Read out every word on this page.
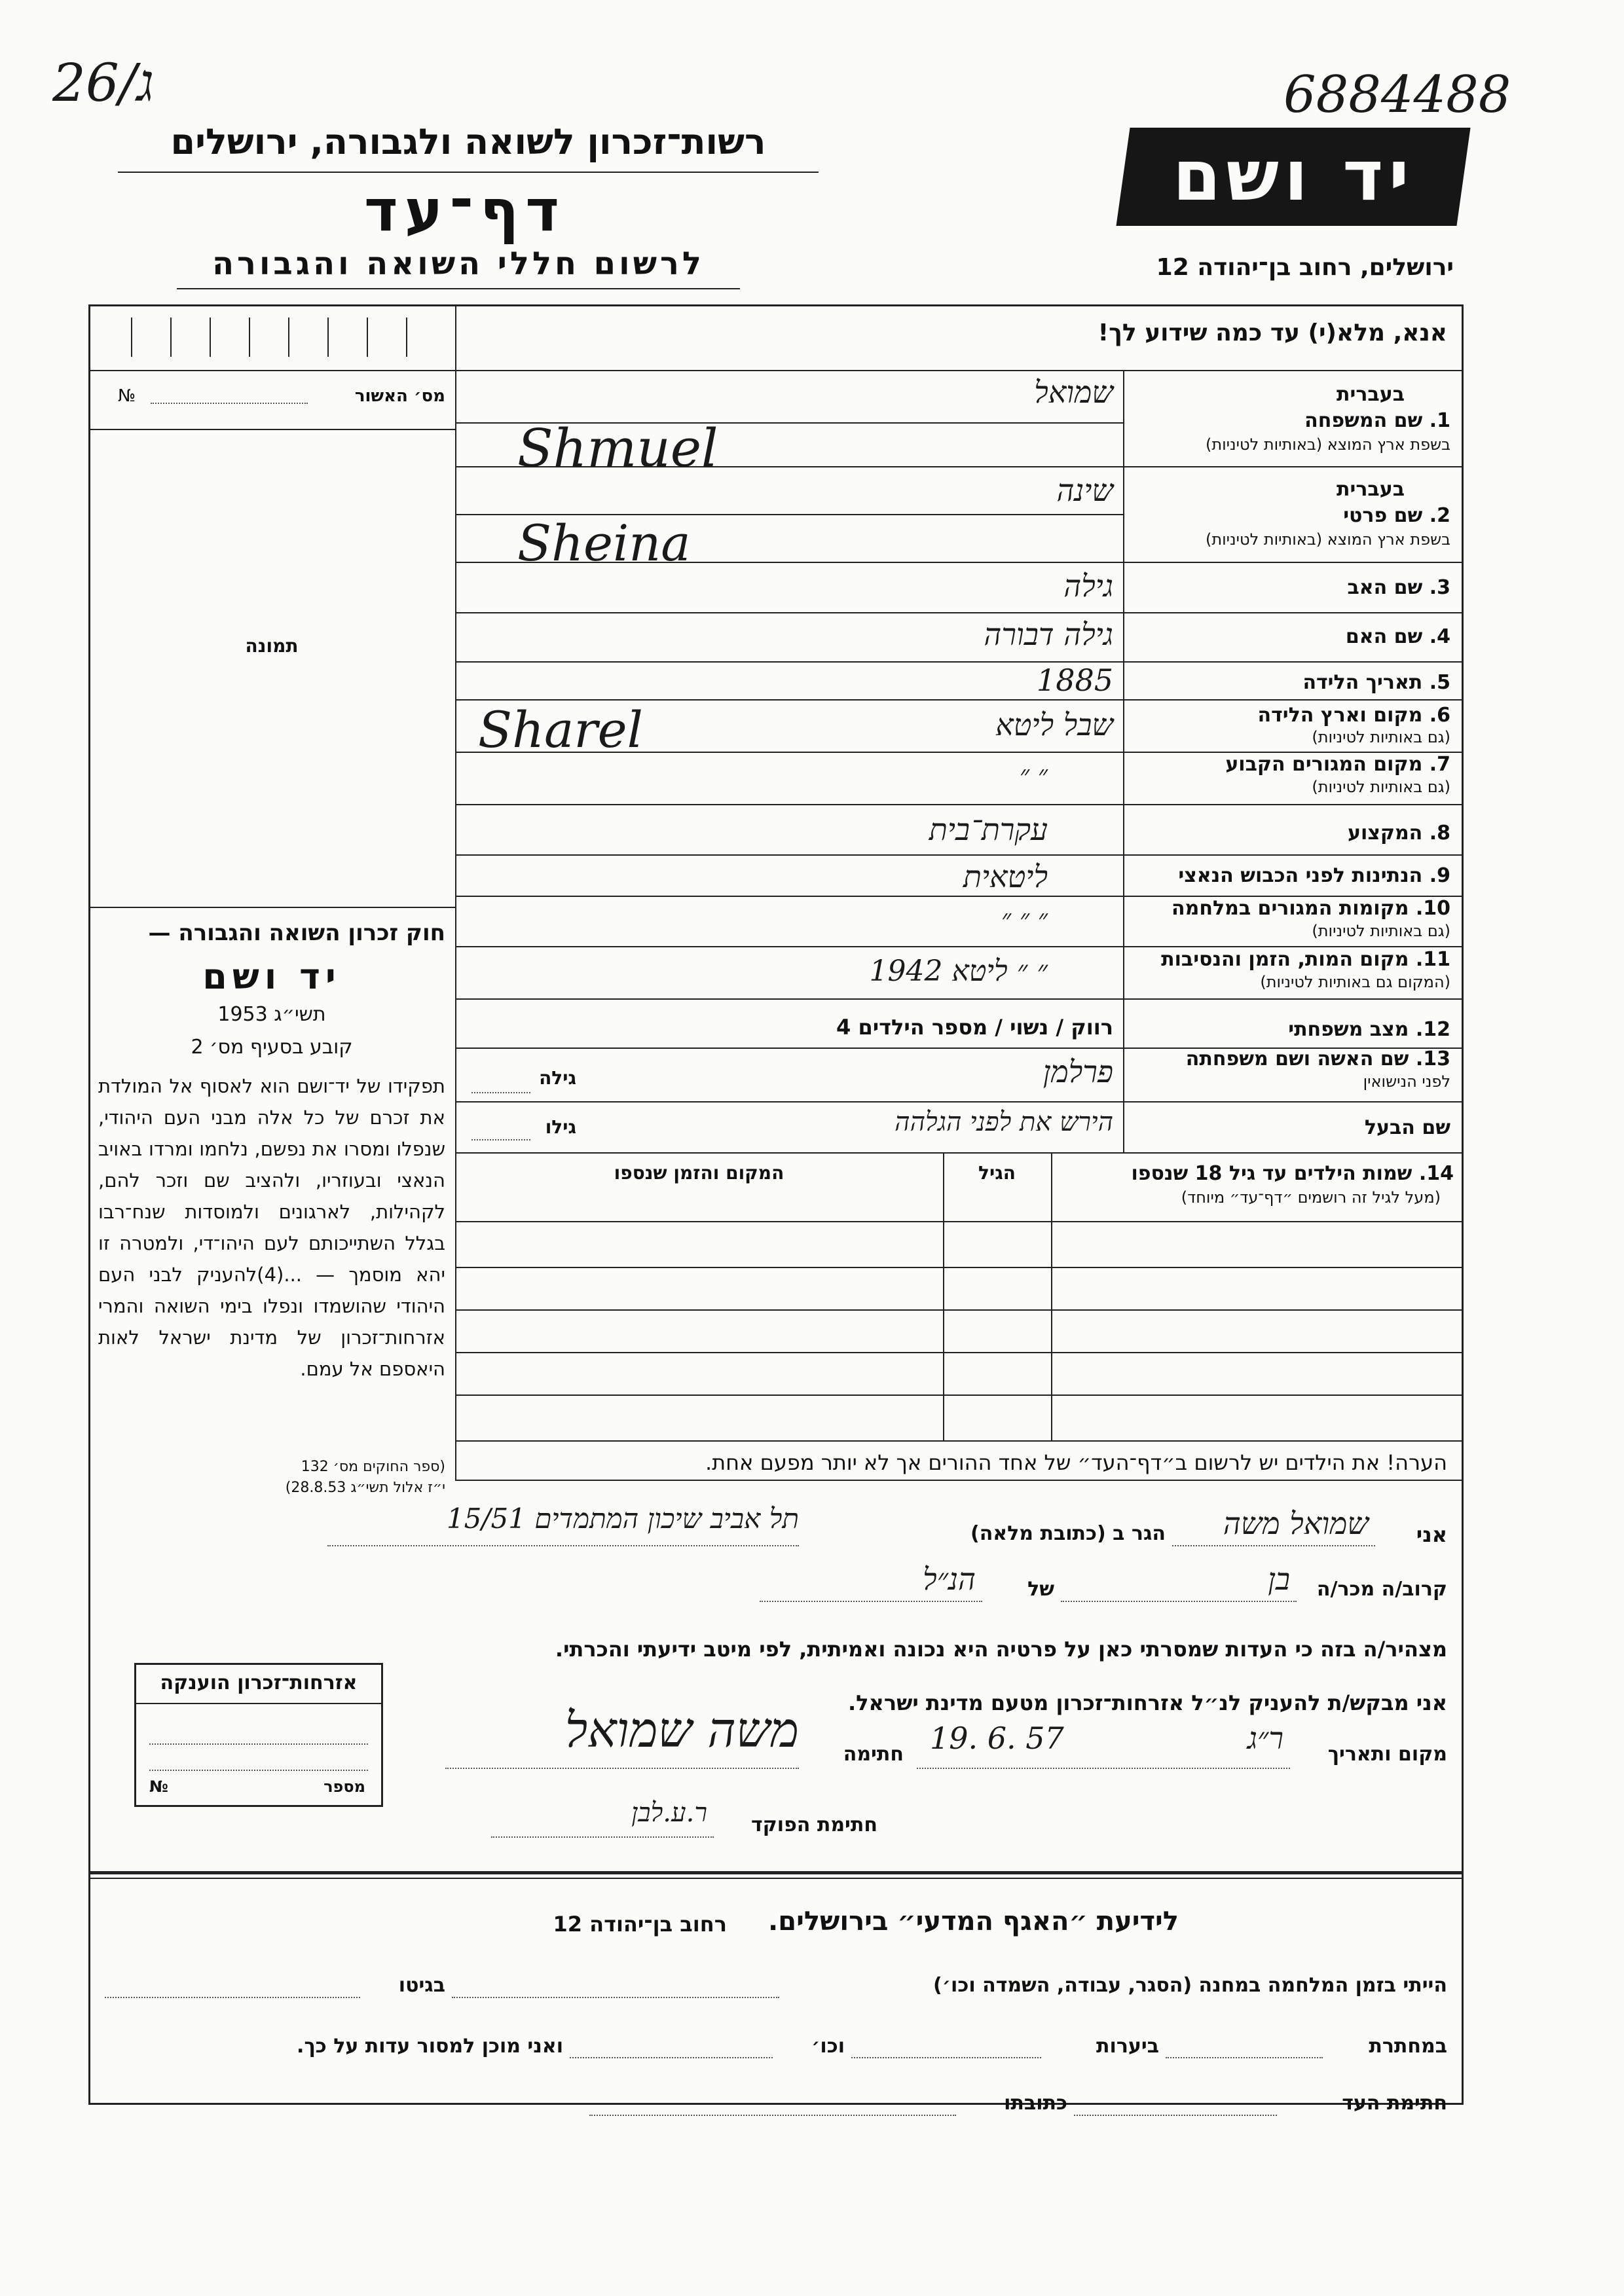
26/ג	6884488
יד ושם
רשות־זכרון לשואה ולגבורה, ירושלים
דף־עד
לרשום חללי השואה והגבורה	ירושלים, רחוב בן־יהודה 12
אנא, מלא(י) עד כמה שידוע לך!
מס׳ האשור
№
תמונה
חוק זכרון השואה והגבורה —
יד ושם
תשי״ג 1953
קובע בסעיף מס׳ 2
תפקידו של יד־ושם הוא לאסוף אל המולדת את זכרם של כל אלה מבני העם היהודי, שנפלו ומסרו את נפשם, נלחמו ומרדו באויב הנאצי ובעוזריו, ולהציב שם וזכר להם, לקהילות, לארגונים ולמוסדות שנח־רבו בגלל השתייכותם לעם היהו־די, ולמטרה זו יהא מוסמך — ...(4)להעניק לבני העם היהודי שהושמדו ונפלו בימי השואה והמרי אזרחות־זכרון של מדינת ישראל לאות היאספם אל עמם.
(ספר החוקים מס׳ 132
י״ז אלול תשי״ג 28.8.53)
בעברית
1. שם המשפחה
בשפת ארץ המוצא (באותיות לטיניות)
שמואל
Shmuel
בעברית
2. שם פרטי
בשפת ארץ המוצא (באותיות לטיניות)
שינה
Sheina
3. שם האב
גילה
4. שם האם
גילה דבורה
5. תאריך הלידה
1885
6. מקום וארץ הלידה
(גם באותיות לטיניות)
שבל ליטא
Sharel
7. מקום המגורים הקבוע
(גם באותיות לטיניות)
״ ״
8. המקצוע
עקרת־בית
9. הנתינות לפני הכבוש הנאצי
ליטאית
10. מקומות המגורים במלחמה
(גם באותיות לטיניות)
״ ״ ״
11. מקום המות, הזמן והנסיבות
(המקום גם באותיות לטיניות)
״ ״ ליטא 1942
12. מצב משפחתי
רווק / נשוי / מספר הילדים 4
13. שם האשה ושם משפחתה
לפני הנישואין
פרלמן
גילה
שם הבעל
הירש את לפני הגלהה
גילו
14. שמות הילדים עד גיל 18 שנספו
(מעל לגיל זה רושמים ״דף־עד״ מיוחד)
הגיל
המקום והזמן שנספו
הערה! את הילדים יש לרשום ב״דף־העד״ של אחד ההורים אך לא יותר מפעם אחת.
אני
שמואל משה
הגר ב (כתובת מלאה)
תל אביב שיכון המתמדים 15/51
קרוב/ה מכר/ה
בן
של
הנ״ל
מצהיר/ה בזה כי העדות שמסרתי כאן על פרטיה היא נכונה ואמיתית, לפי מיטב ידיעתי והכרתי.
אני מבקש/ת להעניק לנ״ל אזרחות־זכרון מטעם מדינת ישראל.
מקום ותאריך
ר״ג
19. 6. 57
חתימה
משה שמואל
חתימת הפוקד
ר.ע.לבן
אזרחות־זכרון הוענקה
מספר
№
לידיעת ״האגף המדעי״ בירושלים.
רחוב בן־יהודה 12
הייתי בזמן המלחמה במחנה (הסגר, עבודה, השמדה וכו׳)
בגיטו
במחתרת
ביערות
וכו׳
ואני מוכן למסור עדות על כך.
חתימת העד
כתובתו
